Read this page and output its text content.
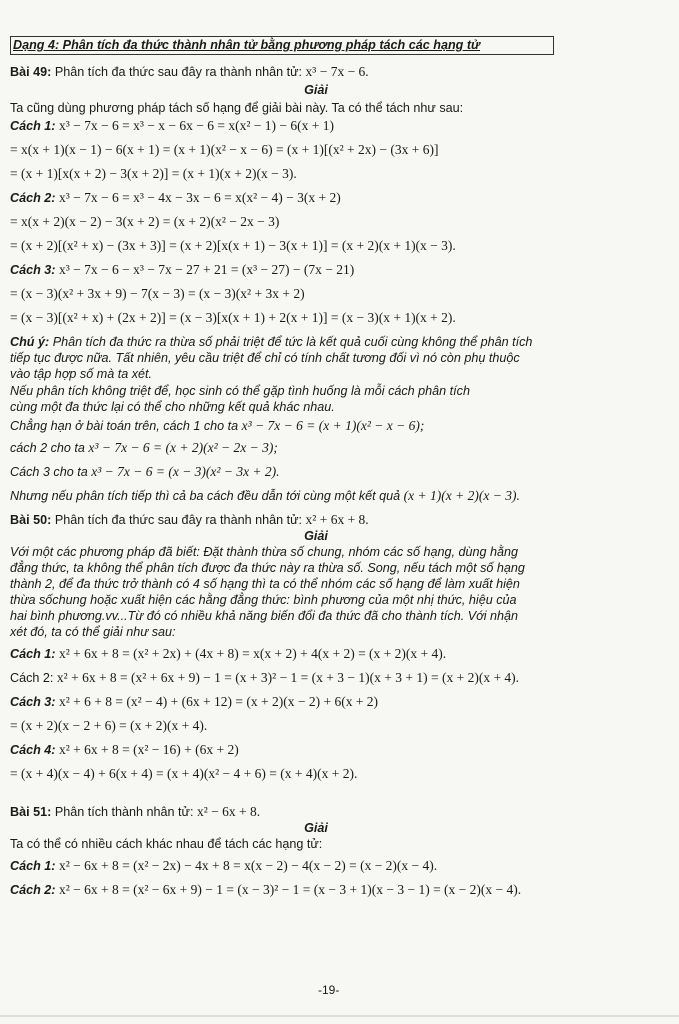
Dạng 4: Phân tích đa thức thành nhân tử bằng phương pháp tách các hạng tử
Bài 49: Phân tích đa thức sau đây ra thành nhân tử: x³ − 7x − 6.
Giải
Ta cũng dùng phương pháp tách số hạng để giải bài này. Ta có thể tách như sau:
Cách 1: x³ − 7x − 6 = x³ − x − 6x − 6 = x(x² − 1) − 6(x + 1)
= x(x + 1)(x − 1) − 6(x + 1) = (x + 1)(x² − x − 6) = (x + 1)[(x² + 2x) − (3x + 6)]
= (x + 1)[x(x + 2) − 3(x + 2)] = (x + 1)(x + 2)(x − 3).
Cách 2: x³ − 7x − 6 = x³ − 4x − 3x − 6 = x(x² − 4) − 3(x + 2)
= x(x + 2)(x − 2) − 3(x + 2) = (x + 2)(x² − 2x − 3)
= (x + 2)[(x² + x) − (3x + 3)] = (x + 2)[x(x + 1) − 3(x + 1)] = (x + 2)(x + 1)(x − 3).
Cách 3: x³ − 7x − 6 − x³ − 7x − 27 + 21 = (x³ − 27) − (7x − 21)
= (x − 3)(x² + 3x + 9) − 7(x − 3) = (x − 3)(x² + 3x + 2)
= (x − 3)[(x² + x) + (2x + 2)] = (x − 3)[x(x + 1) + 2(x + 1)] = (x − 3)(x + 1)(x + 2).
Chú ý: Phân tích đa thức ra thừa số phải triệt để tức là kết quả cuối cùng không thể phân tích
tiếp tục được nữa. Tất nhiên, yêu cầu triệt để chỉ có tính chất tương đối vì nó còn phụ thuộc
vào tập hợp số mà ta xét.
Nếu phân tích không triệt để, học sinh có thể gặp tình huống là mỗi cách phân tích
cùng một đa thức lại có thể cho những kết quả khác nhau.
Chẳng hạn ở bài toán trên, cách 1 cho ta x³ − 7x − 6 = (x + 1)(x² − x − 6);
cách 2 cho ta x³ − 7x − 6 = (x + 2)(x² − 2x − 3);
Cách 3 cho ta x³ − 7x − 6 = (x − 3)(x² − 3x + 2).
Nhưng nếu phân tích tiếp thì cả ba cách đều dẫn tới cùng một kết quả (x + 1)(x + 2)(x − 3).
Bài 50: Phân tích đa thức sau đây ra thành nhân tử: x² + 6x + 8.
Giải
Với một các phương pháp đã biết: Đặt thành thừa số chung, nhóm các số hạng, dùng hằng
đẳng thức, ta không thể phân tích được đa thức này ra thừa số. Song, nếu tách một số hạng
thành 2, để đa thức trở thành có 4 số hạng thì ta có thể nhóm các số hạng để làm xuất hiện
thừa sốchung hoặc xuất hiện các hằng đẳng thức: bình phương của một nhị thức, hiệu của
hai bình phương.vv...Từ đó có nhiều khả năng biến đổi đa thức đã cho thành tích. Với nhận
xét đó, ta có thể giải như sau:
Cách 1: x² + 6x + 8 = (x² + 2x) + (4x + 8) = x(x + 2) + 4(x + 2) = (x + 2)(x + 4).
Cách 2: x² + 6x + 8 = (x² + 6x + 9) − 1 = (x + 3)² − 1 = (x + 3 − 1)(x + 3 + 1) = (x + 2)(x + 4).
Cách 3: x² + 6 + 8 = (x² − 4) + (6x + 12) = (x + 2)(x − 2) + 6(x + 2)
= (x + 2)(x − 2 + 6) = (x + 2)(x + 4).
Cách 4: x² + 6x + 8 = (x² − 16) + (6x + 2)
= (x + 4)(x − 4) + 6(x + 4) = (x + 4)(x² − 4 + 6) = (x + 4)(x + 2).
Bài 51: Phân tích thành nhân tử: x² − 6x + 8.
Giải
Ta có thể có nhiều cách khác nhau để tách các hạng tử:
Cách 1: x² − 6x + 8 = (x² − 2x) − 4x + 8 = x(x − 2) − 4(x − 2) = (x − 2)(x − 4).
Cách 2: x² − 6x + 8 = (x² − 6x + 9) − 1 = (x − 3)² − 1 = (x − 3 + 1)(x − 3 − 1) = (x − 2)(x − 4).
-19-
